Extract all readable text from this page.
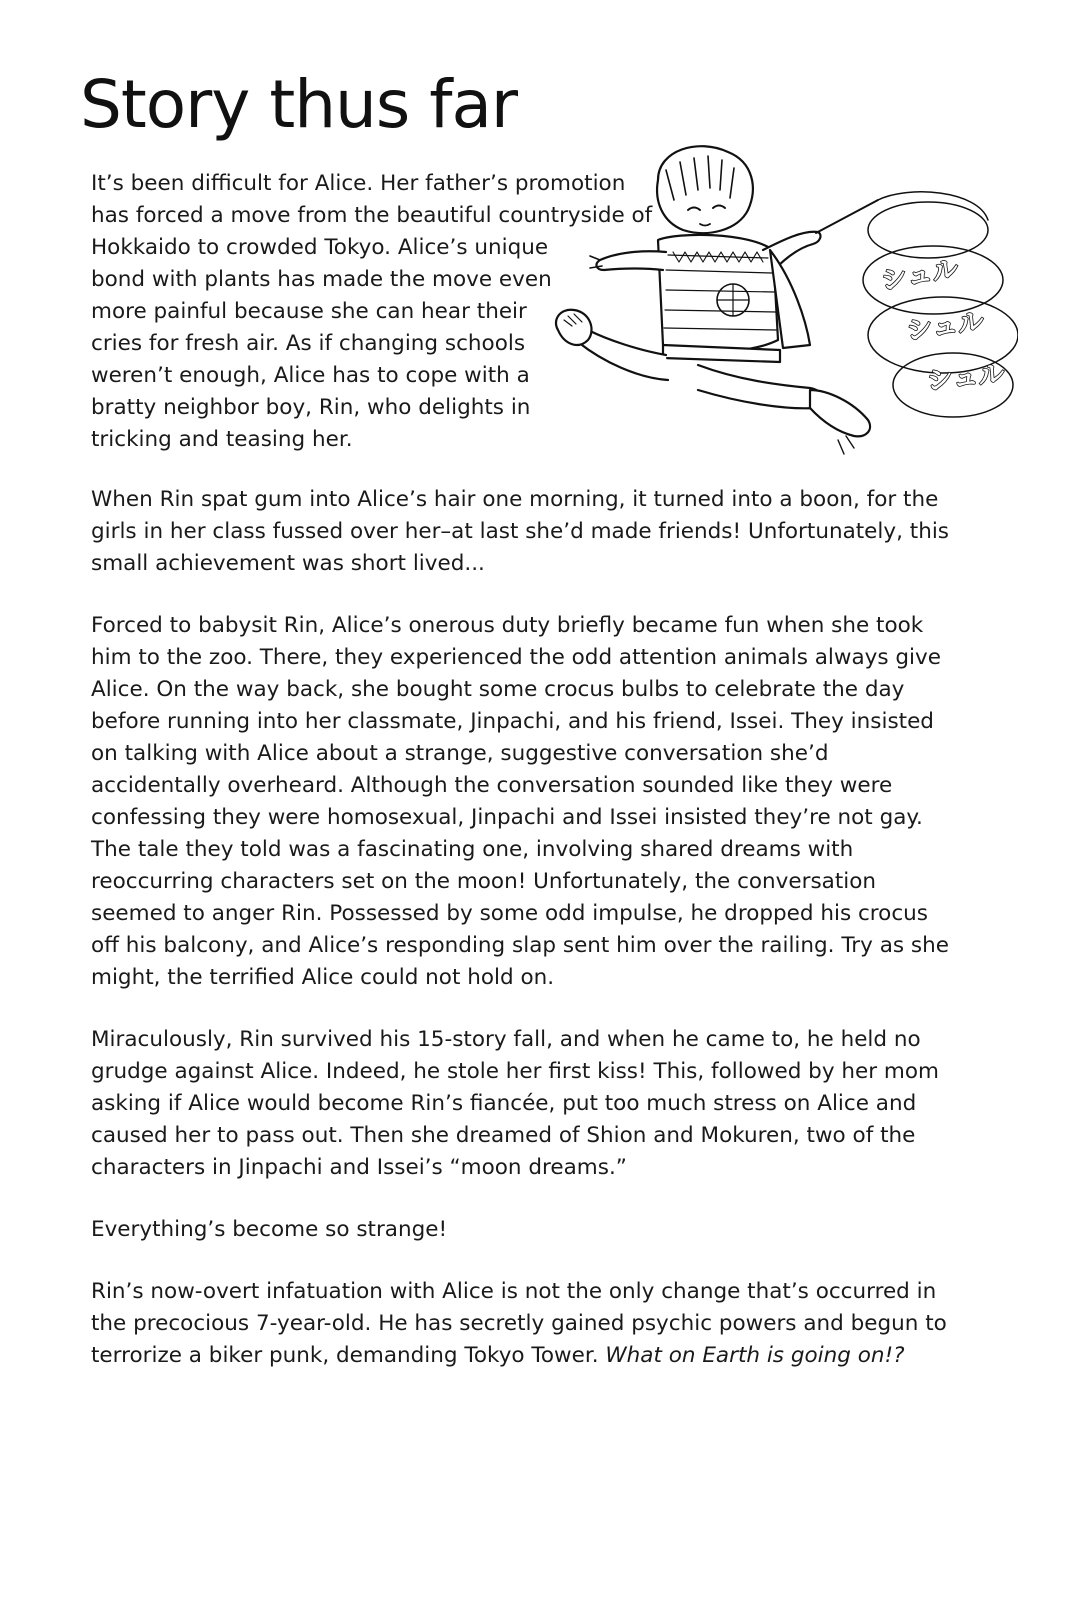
Story thus far
It’s been difficult for Alice. Her father’s promotion
has forced a move from the beautiful countryside of
Hokkaido to crowded Tokyo. Alice’s unique
bond with plants has made the move even
more painful because she can hear their
cries for fresh air. As if changing schools
weren’t enough, Alice has to cope with a
bratty neighbor boy, Rin, who delights in
tricking and teasing her.
シュル
シュル
シュル

When Rin spat gum into Alice’s hair one morning, it turned into a boon, for the girls in her class fussed over her–at last she’d made friends! Unfortunately, this small achievement was short lived...

Forced to babysit Rin, Alice’s onerous duty briefly became fun when she took him to the zoo. There, they experienced the odd attention animals always give Alice. On the way back, she bought some crocus bulbs to celebrate the day before running into her classmate, Jinpachi, and his friend, Issei. They insisted on talking with Alice about a strange, suggestive conversation she’d accidentally overheard. Although the conversation sounded like they were confessing they were homosexual, Jinpachi and Issei insisted they’re not gay. The tale they told was a fascinating one, involving shared dreams with reoccurring characters set on the moon! Unfortunately, the conversation seemed to anger Rin. Possessed by some odd impulse, he dropped his crocus off his balcony, and Alice’s responding slap sent him over the railing. Try as she might, the terrified Alice could not hold on.

Miraculously, Rin survived his 15-story fall, and when he came to, he held no grudge against Alice. Indeed, he stole her first kiss! This, followed by her mom asking if Alice would become Rin’s fiancée, put too much stress on Alice and caused her to pass out. Then she dreamed of Shion and Mokuren, two of the characters in Jinpachi and Issei’s “moon dreams.”

Everything’s become so strange!

Rin’s now-overt infatuation with Alice is not the only change that’s occurred in the precocious 7-year-old. He has secretly gained psychic powers and begun to terrorize a biker punk, demanding Tokyo Tower. What on Earth is going on!?
